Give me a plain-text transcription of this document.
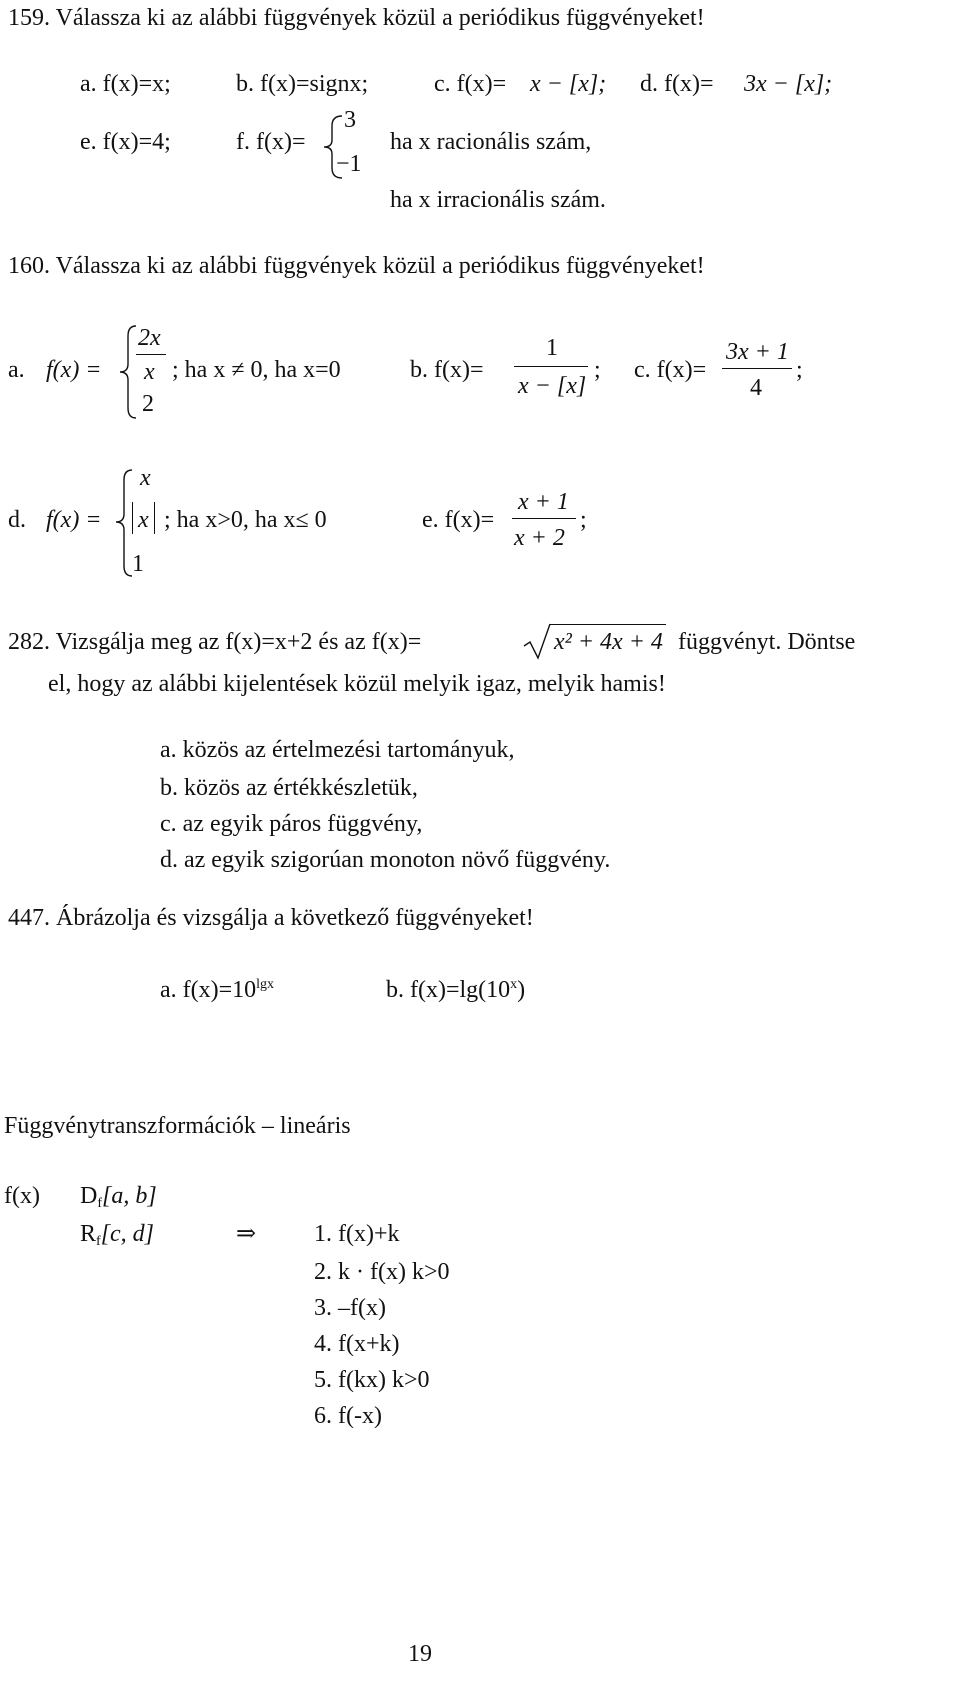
159. Válassza ki az alábbi függvények közül a periódikus függvényeket!
a. f(x)=x;	b. f(x)=signx;	c. f(x)= x − [x]; d. f(x)= 3x − [x];
e. f(x)=4;	f. f(x)=
3
−1
ha x racionális szám,
ha x irracionális szám.
160. Válassza ki az alábbi függvények közül a periódikus függvényeket!
a. f(x) =
2x
x
2
; ha x ≠ 0, ha x=0	b. f(x)=
1
x − [x]
; c. f(x)=
3x + 1
4
;
d. f(x) =
x
x
1
; ha x>0, ha x≤ 0	e. f(x)=
x + 1
x + 2
;
282. Vizsgálja meg az f(x)=x+2 és az f(x)=	x² + 4x + 4 függvényt. Döntse
el, hogy az alábbi kijelentések közül melyik igaz, melyik hamis!
a. közös az értelmezési tartományuk,
b. közös az értékkészletük,
c. az egyik páros függvény,
d. az egyik szigorúan monoton növő függvény.
447. Ábrázolja és vizsgálja a következő függvényeket!
a. $f(x)=10^{lgx}$	b. $f(x)=\lg(10^x)$
Függvénytranszformációk – lineáris
f(x) $D_f[a$, b]
$R_f[c$, d]	⇒ 1. f(x)+k
2. k · f(x) k>0
3. –f(x)
4. f(x+k)
5. f(kx) k>0
6. f(-x)
19
